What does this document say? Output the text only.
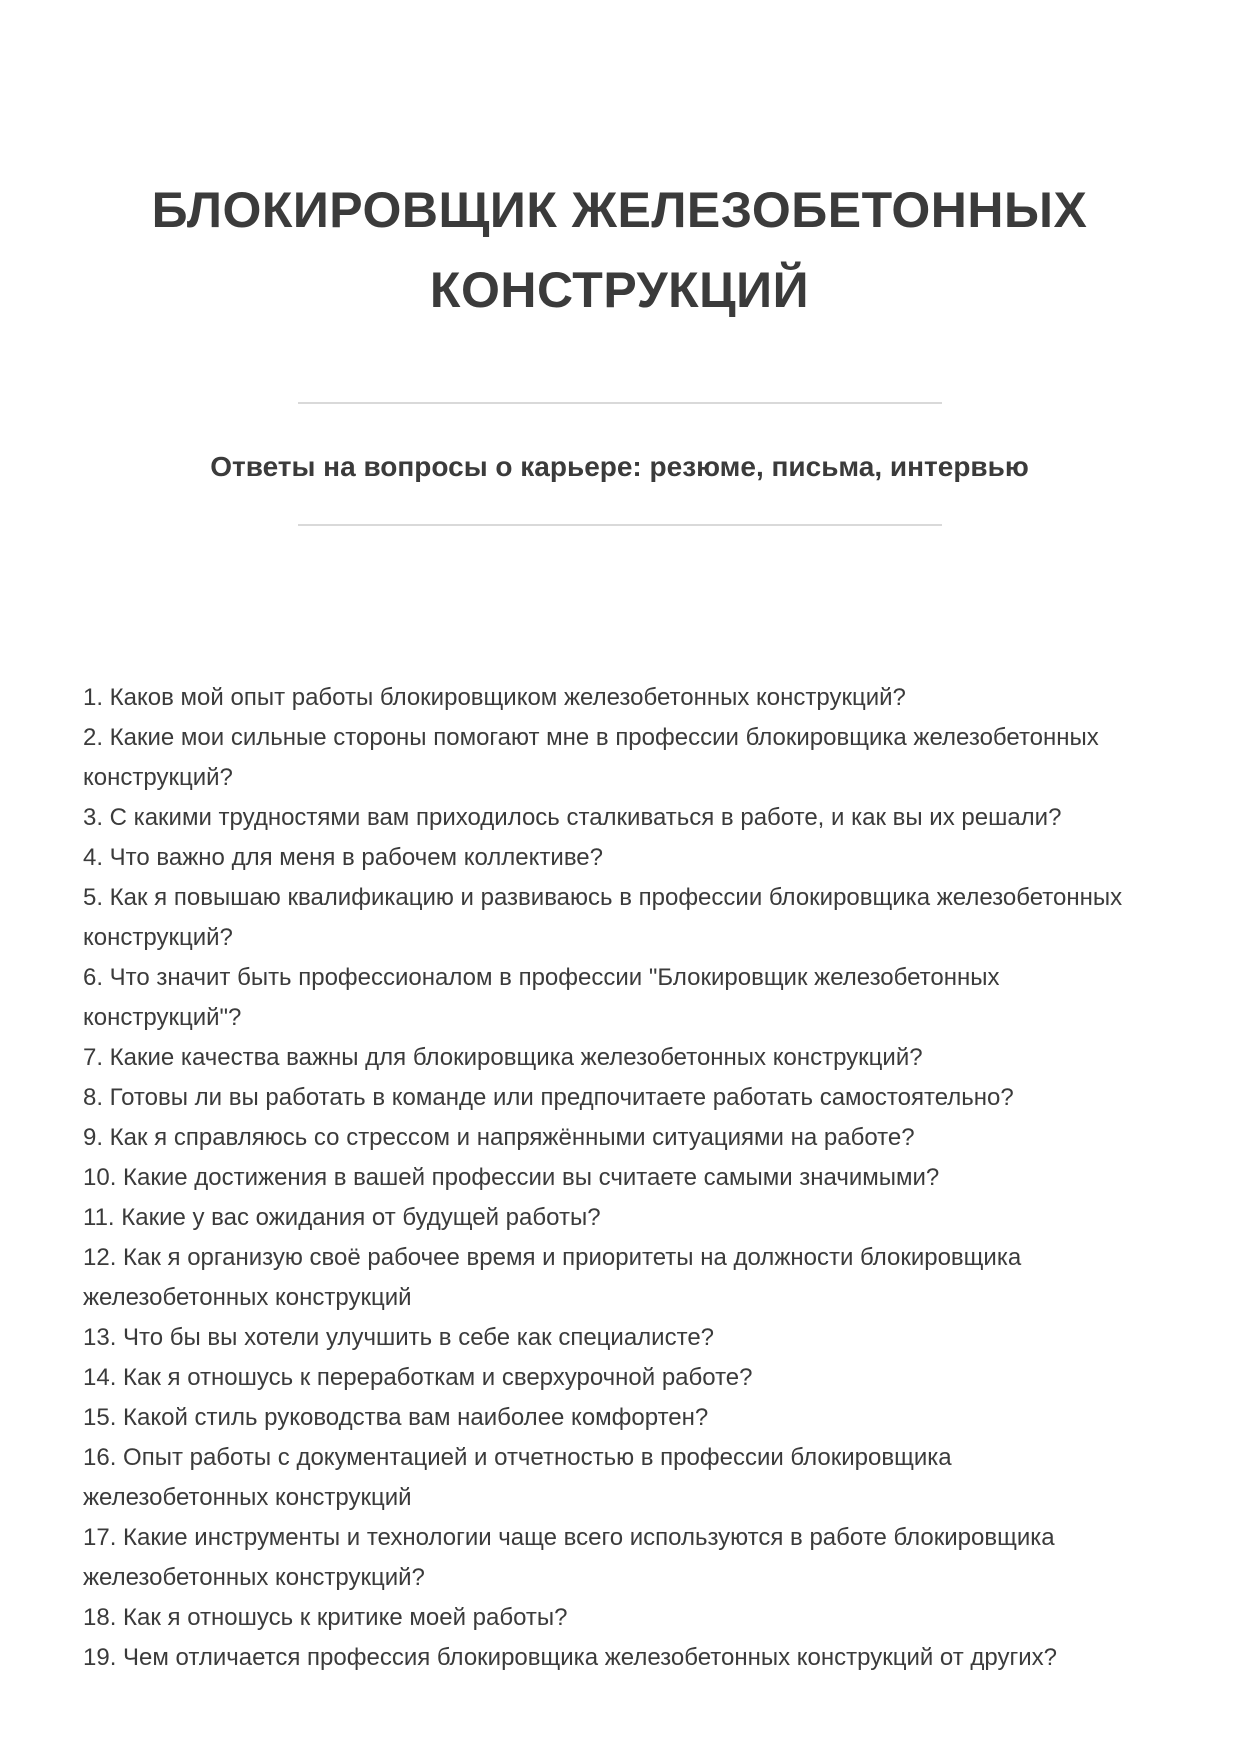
БЛОКИРОВЩИК ЖЕЛЕЗОБЕТОННЫХ КОНСТРУКЦИЙ
Ответы на вопросы о карьере: резюме, письма, интервью

1. Каков мой опыт работы блокировщиком железобетонных конструкций?

2. Какие мои сильные стороны помогают мне в профессии блокировщика железобетонных конструкций?

3. С какими трудностями вам приходилось сталкиваться в работе, и как вы их решали?

4. Что важно для меня в рабочем коллективе?

5. Как я повышаю квалификацию и развиваюсь в профессии блокировщика железобетонных конструкций?

6. Что значит быть профессионалом в профессии "Блокировщик железобетонных конструкций"?

7. Какие качества важны для блокировщика железобетонных конструкций?

8. Готовы ли вы работать в команде или предпочитаете работать самостоятельно?

9. Как я справляюсь со стрессом и напряжёнными ситуациями на работе?

10. Какие достижения в вашей профессии вы считаете самыми значимыми?

11. Какие у вас ожидания от будущей работы?

12. Как я организую своё рабочее время и приоритеты на должности блокировщика железобетонных конструкций

13. Что бы вы хотели улучшить в себе как специалисте?

14. Как я отношусь к переработкам и сверхурочной работе?

15. Какой стиль руководства вам наиболее комфортен?

16. Опыт работы с документацией и отчетностью в профессии блокировщика железобетонных конструкций

17. Какие инструменты и технологии чаще всего используются в работе блокировщика железобетонных конструкций?

18. Как я отношусь к критике моей работы?

19. Чем отличается профессия блокировщика железобетонных конструкций от других?
